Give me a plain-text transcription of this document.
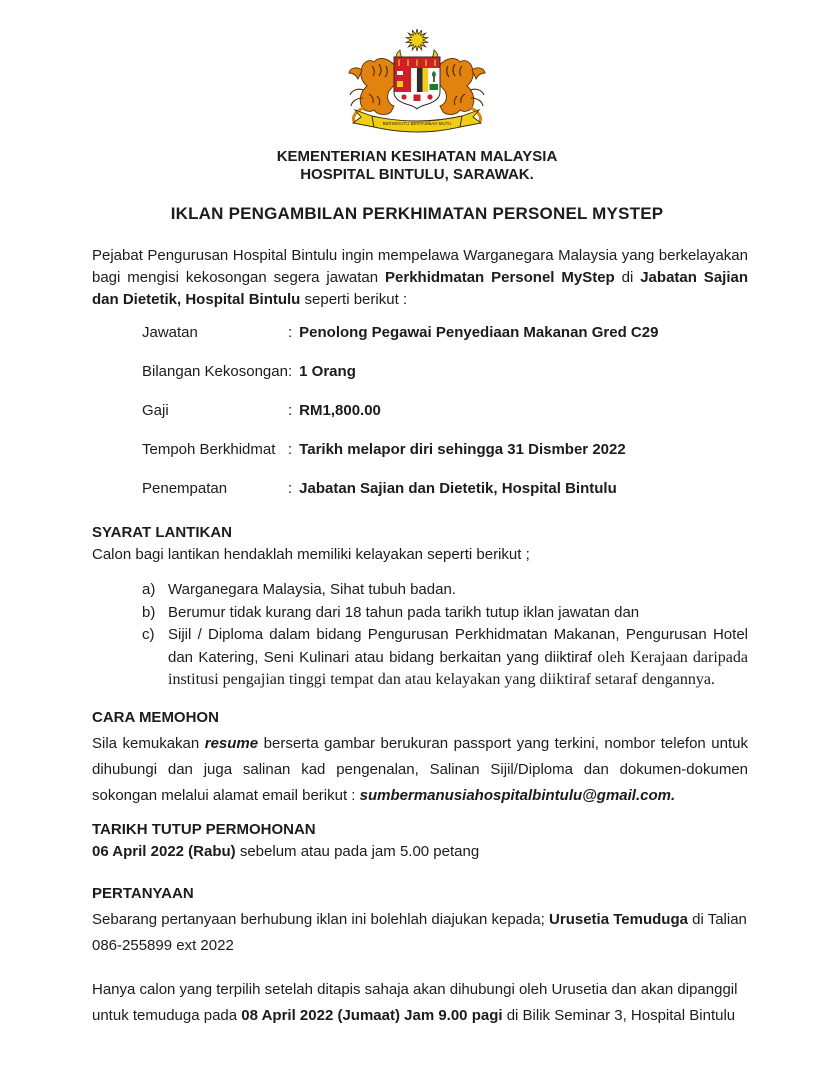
BERSEKUTU BERTAMBAH MUTU
KEMENTERIAN KESIHATAN MALAYSIA
HOSPITAL BINTULU, SARAWAK.
IKLAN PENGAMBILAN PERKHIMATAN PERSONEL MYSTEP

Pejabat Pengurusan Hospital Bintulu ingin mempelawa Warganegara Malaysia yang berkelayakan bagi mengisi kekosongan segera jawatan Perkhidmatan Personel MyStep di Jabatan Sajian dan Dietetik, Hospital Bintulu seperti berikut :

Jawatan	: Penolong Pegawai Penyediaan Makanan Gred C29
Bilangan Kekosongan : 1 Orang
Gaji	: RM1,800.00
Tempoh Berkhidmat : Tarikh melapor diri sehingga 31 Dismber 2022
Penempatan	: Jabatan Sajian dan Dietetik, Hospital Bintulu
SYARAT LANTIKAN

Calon bagi lantikan hendaklah memiliki kelayakan seperti berikut ;

a) Warganegara Malaysia, Sihat tubuh badan.
b) Berumur tidak kurang dari 18 tahun pada tarikh tutup iklan jawatan dan
c) Sijil / Diploma dalam bidang Pengurusan Perkhidmatan Makanan, Pengurusan Hotel dan Katering, Seni Kulinari atau bidang berkaitan yang diiktiraf oleh Kerajaan daripada institusi pengajian tinggi tempat dan atau kelayakan yang diiktiraf setaraf dengannya.
CARA MEMOHON

Sila kemukakan resume berserta gambar berukuran passport yang terkini, nombor telefon untuk dihubungi dan juga salinan kad pengenalan, Salinan Sijil/Diploma dan dokumen-dokumen sokongan melalui alamat email berikut : sumbermanusiahospitalbintulu@gmail.com.

TARIKH TUTUP PERMOHONAN

06 April 2022 (Rabu) sebelum atau pada jam 5.00 petang

PERTANYAAN

Sebarang pertanyaan berhubung iklan ini bolehlah diajukan kepada; Urusetia Temuduga di Talian 086-255899 ext 2022

Hanya calon yang terpilih setelah ditapis sahaja akan dihubungi oleh Urusetia dan akan dipanggil untuk temuduga pada 08 April 2022 (Jumaat) Jam 9.00 pagi di Bilik Seminar 3, Hospital Bintulu
